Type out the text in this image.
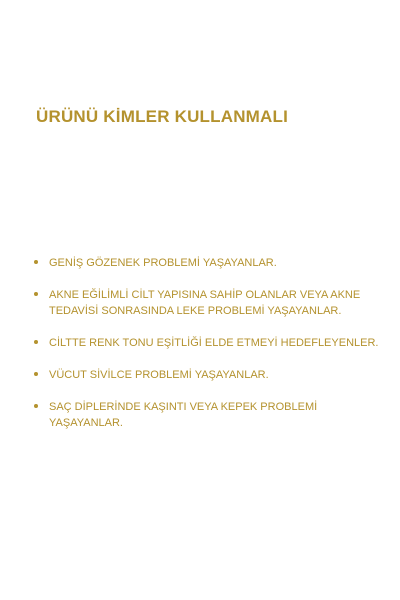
ÜRÜNÜ KİMLER KULLANMALI
GENİŞ GÖZENEK PROBLEMİ YAŞAYANLAR.
AKNE EĞİLİMLİ CİLT YAPISINA SAHİP OLANLAR VEYA AKNE TEDAVİSİ SONRASINDA LEKE PROBLEMİ YAŞAYANLAR.
CİLTTE RENK TONU EŞİTLİĞİ ELDE ETMEYİ HEDEFLEYENLER.
VÜCUT SİVİLCE PROBLEMİ YAŞAYANLAR.
SAÇ DİPLERİNDE KAŞINTI VEYA KEPEK PROBLEMİ YAŞAYANLAR.
